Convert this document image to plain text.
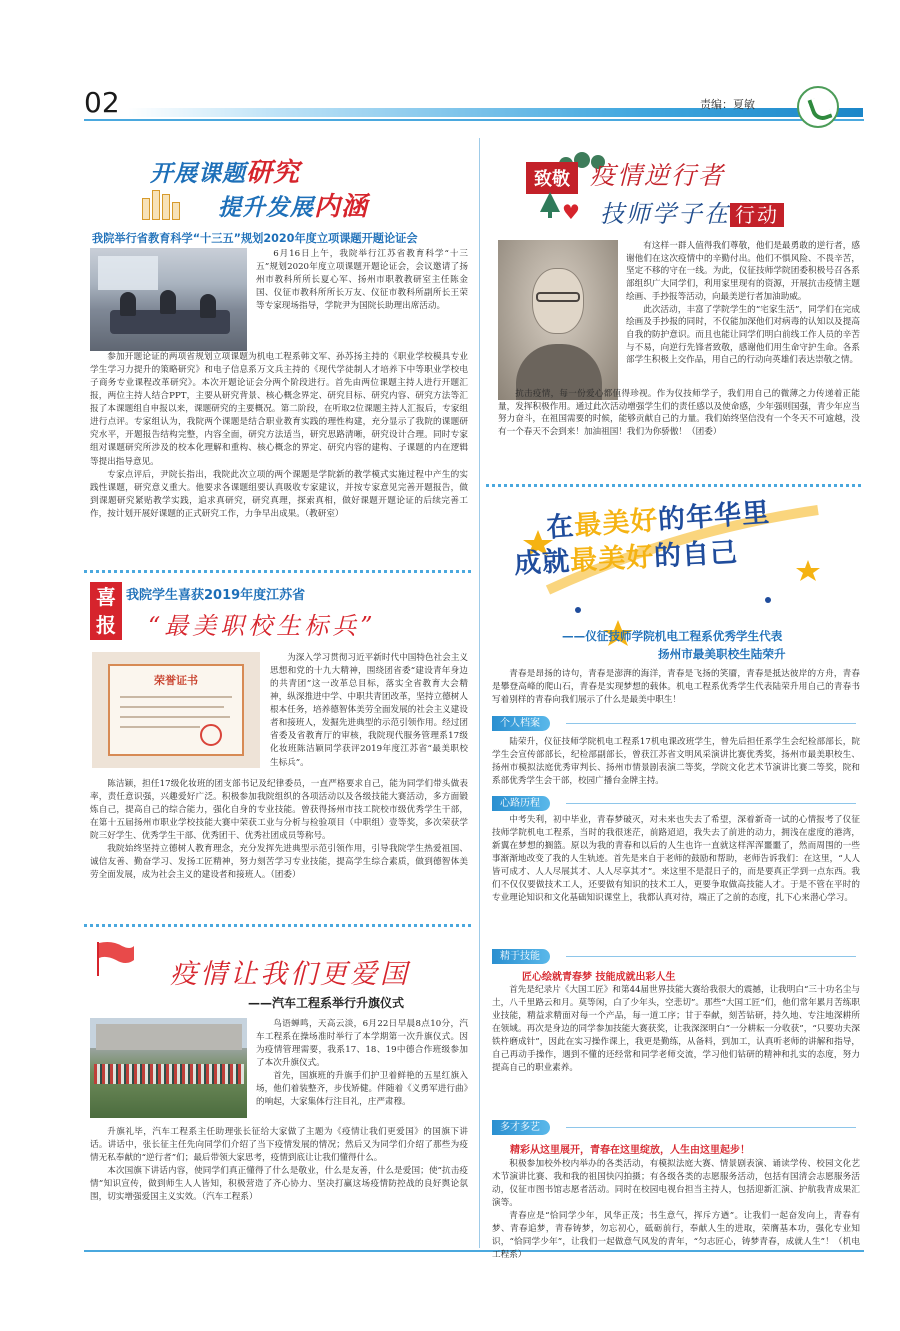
02	责编：夏敏
开展课题研究
提升发展内涵
我院举行省教育科学“十三五”规划2020年度立项课题开题论证会
6月16日上午，我院举行江苏省教育科学“十三五”规划2020年度立项课题开题论证会，会议邀请了扬州市教科所所长夏心军、扬州市职教教研室主任陈金国、仪征市教科所所长万友、仪征市教科所副所长王荣等专家现场指导，学院尹为国院长助理出席活动。

参加开题论证的两项省规划立项课题为机电工程系韩文军、孙苏扬主持的《职业学校模具专业学生学习力提升的策略研究》和电子信息系万文兵主持的《现代学徒制人才培养下中等职业学校电子商务专业课程改革研究》。本次开题论证会分两个阶段进行。首先由两位课题主持人进行开题汇报，两位主持人结合PPT，主要从研究背景、核心概念界定、研究目标、研究内容、研究方法等汇报了本课题组自申报以来，课题研究的主要概况。第二阶段，在听取2位课题主持人汇报后，专家组进行点评。专家组认为，我院两个课题是结合职业教育实践的理性构建，充分显示了我院的课题研究水平，开题报告结构完整，内容全面，研究方法适当，研究思路清晰，研究设计合理。同时专家组对课题研究所涉及的校本化理解和重构、核心概念的界定、研究内容的建构、子课题的内在逻辑等提出指导意见。

专家点评后，尹院长指出，我院此次立项的两个课题是学院新的教学模式实施过程中产生的实践性课题，研究意义重大。他要求各课题组要认真吸收专家建议，并按专家意见完善开题报告，做到课题研究紧贴教学实践，追求真研究，研究真理，探索真相，做好课题开题论证的后续完善工作，按计划开展好课题的正式研究工作，力争早出成果。（教研室）

喜
报
我院学生喜获2019年度江苏省
“最美职校生标兵”
荣誉证书
为深入学习贯彻习近平新时代中国特色社会主义思想和党的十九大精神，围绕团省委“建设青年身边的共青团”这一改革总目标，落实全省教育大会精神，纵深推进中学、中职共青团改革，坚持立德树人根本任务，培养德智体美劳全面发展的社会主义建设者和接班人，发掘先进典型的示范引领作用。经过团省委及省教育厅的审核，我院现代服务管理系17级化妆班陈洁颖同学获评2019年度江苏省“最美职校生标兵”。

陈洁颖，担任17级化妆班的团支部书记及纪律委员，一直严格要求自己，能为同学们带头做表率，责任意识强，兴趣爱好广泛。积极参加我院组织的各项活动以及各级技能大赛活动，多方面锻炼自己，提高自己的综合能力，强化自身的专业技能。曾获得扬州市技工院校市级优秀学生干部，在第十五届扬州市职业学校技能大赛中荣获工业与分析与检验项目（中职组）壹等奖，多次荣获学院三好学生、优秀学生干部、优秀团干、优秀社团成员等称号。

我院始终坚持立德树人教育理念，充分发挥先进典型示范引领作用，引导我院学生热爱祖国、诚信友善、勤奋学习、发扬工匠精神，努力刻苦学习专业技能，提高学生综合素质，做到德智体美劳全面发展，成为社会主义的建设者和接班人。（团委）

疫情让我们更爱国
——汽车工程系举行升旗仪式

鸟语蝉鸣，天高云淡，6月22日早晨8点10分，汽车工程系在操场准时举行了本学期第一次升旗仪式。因为疫情管理需要，我系17、18、19中德合作班级参加了本次升旗仪式。

首先，国旗班的升旗手们护卫着鲜艳的五星红旗入场，他们着装整齐，步伐矫健。伴随着《义勇军进行曲》的响起，大家集体行注目礼，庄严肃穆。

升旗礼毕，汽车工程系主任助理张长征给大家做了主题为《疫情让我们更爱国》的国旗下讲话。讲话中，张长征主任先向同学们介绍了当下疫情发展的情况；然后又为同学们介绍了那些为疫情无私奉献的“逆行者”们；最后带领大家思考，疫情到底让让我们懂得什么。

本次国旗下讲话内容，使同学们真正懂得了什么是敬业，什么是友善，什么是爱国；使“抗击疫情”知识宣传，做到师生人人皆知，积极营造了齐心协力、坚决打赢这场疫情防控战的良好舆论氛围，切实增强爱国主义实效。（汽车工程系）

致敬 疫情逆行者
♥ 技师学子在 行动

有这样一群人值得我们尊敬，他们是最勇敢的逆行者，感谢他们在这次疫情中的辛勤付出。他们不惧风险、不畏辛苦，坚定不移的守在一线。为此，仪征技师学院团委积极号召各系部组织广大同学们，利用家里现有的资源，开展抗击疫情主题绘画、手抄报等活动，向最美逆行者加油助威。

此次活动，丰富了学院学生的“宅家生活”，同学们在完成绘画及手抄报的同时，不仅能加深他们对病毒的认知以及提高自我的防护意识。而且也能让同学们明白前线工作人员的辛苦与不易，向逆行先锋者致敬，感谢他们用生命守护生命。各系部学生积极上交作品，用自己的行动向英雄们表达崇敬之情。

抗击疫情，每一份爱心都值得珍视。作为仪技师学子，我们用自己的微薄之力传递着正能量，发挥积极作用。通过此次活动增强学生们的责任感以及使命感，少年强则国强，青少年应当努力奋斗，在祖国需要的时候，能够贡献自己的力量。我们始终坚信没有一个冬天不可逾越，没有一个春天不会到来！加油祖国！我们为你骄傲！（团委）
在最美好的年华里
成就最美好的自己
——仪征技师学院机电工程系优秀学生代表
扬州市最美职校生陆荣升
青春是昂扬的诗句，青春是澎湃的海洋，青春是飞扬的笑靥，青春是抵达彼岸的方舟，青春是攀登高峰的爬山石，青春是实现梦想的载体。机电工程系优秀学生代表陆荣升用自己的青春书写着别样的青春向我们展示了什么是最美中职生！
个人档案
陆荣升，仪征技师学院机电工程系17机电课改班学生，曾先后担任系学生会纪检部部长，院学生会宣传部部长，纪检部副部长，曾获江苏省文明风采演讲比赛优秀奖，扬州市最美职校生、扬州市模拟法庭优秀审判长、扬州市情景剧表演二等奖，学院文化艺术节演讲比赛二等奖，院和系部优秀学生会干部，校园广播台金牌主持。
心路历程
中考失利，初中毕业，青春梦破灭，对未来也失去了希望，深着新奇一试的心情报考了仪征技师学院机电工程系，当时的我很迷茫，前路迢迢，我失去了前进的动力，拥浅在虚度的港湾，新翼在梦想的搁篮。原以为我的青春和以后的人生也许一直就这样浑浑噩噩了，然而周围的一些事渐渐地改变了我的人生轨迹。首先是来自于老师的鼓励和帮助，老师告诉我们：在这里，“人人皆可成才、人人尽展其才、人人尽享其才”。来这里不是混日子的，而是要真正学到一点东西。我们不仅仅要做技术工人，还要做有知识的技术工人，更要争取做高技能人才。于是不管在平时的专业理论知识和文化基础知识课堂上，我都认真对待，端正了之前的态度，扎下心来潜心学习。
精于技能
匠心绘就青春梦 技能成就出彩人生
首先是纪录片《大国工匠》和第44届世界技能大赛给我很大的震撼，让我明白“三十功名尘与土，八千里路云和月。莫等闲，白了少年头，空悲切”。那些“大国工匠”们，他们常年累月苦练职业技能，精益求精面对每一个产品，每一道工序；甘于奉献，刻苦钻研，持久地、专注地深耕所在领域。再次是身边的同学参加技能大赛获奖，让我深深明白“一分耕耘一分收获”，“只要功夫深铁杵磨成针”，因此在实习操作课上，我更是勤练，从备料，到加工，认真听老师的讲解和指导，自己再动手操作，遇到不懂的还经常和同学老师交流，学习他们钻研的精神和扎实的态度，努力提高自己的职业素养。
多才多艺
精彩从这里展开，青春在这里绽放，人生由这里起步！

积极参加校外校内举办的各类活动，有模拟法庭大赛、情景剧表演、诵读学传、校园文化艺术节演讲比赛、我和我的祖国快闪拍摄；有各级各类的志愿服务活动，包括有国清会志愿服务活动，仪征市图书馆志愿者活动。同时在校园电视台担当主持人，包括迎新汇演、护航我青成果汇演等。

青春应是“恰同学少年，风华正茂；书生意气，挥斥方遒”。让我们一起奋发向上，青春有梦、青春追梦，青春铸梦，勿忘初心，砥砺前行，奉献人生的进取，荣膺基本功，强化专业知识，“恰同学少年”，让我们一起做意气风发的青年，“匀志匠心，铸梦青春，成就人生”！（机电工程系）
